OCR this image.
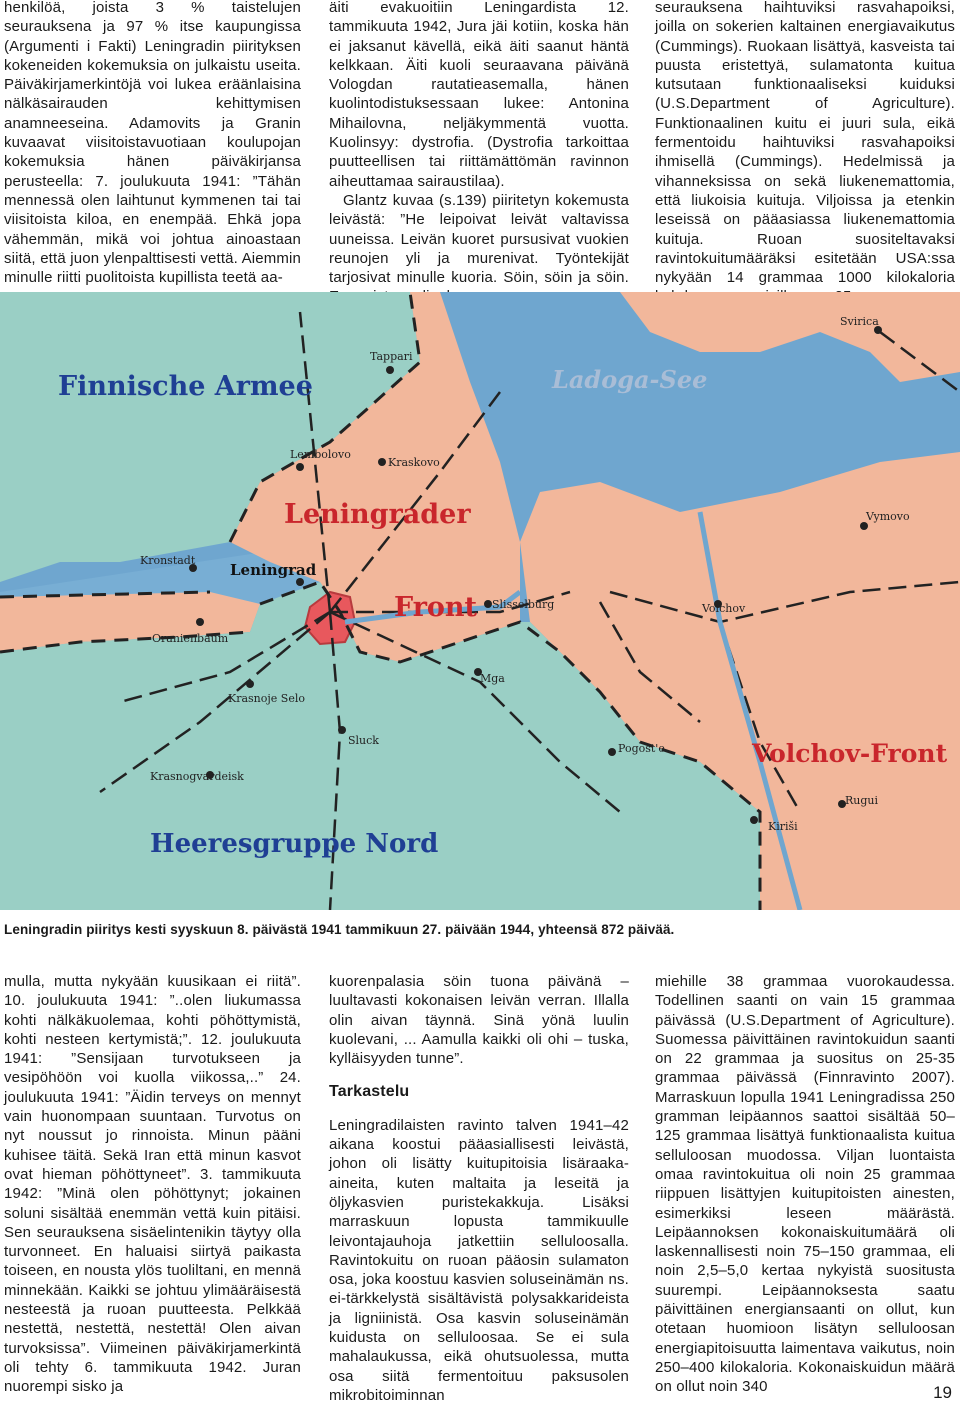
henkilöä, joista 3 % taistelujen seurauksena ja 97 % itse kaupungissa (Argumenti i Fakti) Leningradin piirityksen kokeneiden kokemuksia on julkaistu useita. Päiväkirjamerkintöjä voi lukea eräänlaisina nälkäsairauden kehittymisen anamneeseina. Adamovits ja Granin kuvaavat viisitoistavuotiaan koulupojan kokemuksia hänen päiväkirjansa perusteella: 7. joulukuuta 1941: ”Tähän mennessä olen laihtunut kymmenen tai tai viisitoista kiloa, en enempää. Ehkä jopa vähemmän, mikä voi johtua ainoastaan siitä, että juon ylenpalttisesti vettä. Aiemmin minulle riitti puolitoista kupillista teetä aa-

äiti evakuoitiin Leningardista 12. tammikuuta 1942, Jura jäi kotiin, koska hän ei jaksanut kävellä, eikä äiti saanut häntä kelkkaan. Äiti kuoli seuraavana päivänä Vologdan rautatieasemalla, hänen kuolintodistuksessaan lukee: Antonina Mihailovna, neljäkymmentä vuotta. Kuolinsyy: dystrofia. (Dystrofia tarkoittaa puutteellisen tai riittämättömän ravinnon aiheuttamaa sairaustilaa).

Glantz kuvaa (s.139) piiritetyn kokemusta leivästä: ”He leipoivat leivät valtavissa uuneissa. Leivän kuoret pursusivat vuokien reunojen yli ja murenivat. Työntekijät tarjosivat minulle kuoria. Söin, söin ja söin.

seurauksena haihtuviksi rasvahapoiksi, joilla on sokerien kaltainen energiavaikutus (Cummings). Ruokaan lisättyä, kasveista tai puusta eristettyä, sulamatonta kuitua kutsutaan funktionaaliseksi kuiduksi (U.S.Department of Agriculture). Funktionaalinen kuitu ei juuri sula, eikä fermentoidu haihtuviksi rasvahapoiksi ihmisellä (Cummings). Hedelmissä ja vihanneksissa on sekä liukenemattomia, että liukoisia kuituja. Viljoissa ja etenkin leseissä on pääasiassa liukenemattomia kuituja. Ruoan suositeltavaksi ravintokuitumääräksi esitetään USA:ssa nykyään 14 grammaa 1000 kilokaloria

Finnische Armee	Ladoga-See
Leningrader
Front
Volchov-Front
Heeresgruppe Nord
Leningrad
Tappari
Svirica
Lembolovo
Kraskovo
Kronstadt
Oranienbaum
Slisselburg
Vymovo
Volchov
Krasnoje Selo
Mga
Sluck
Pogost'e
Krasnogvardeisk
Rugui
Kiriši
Leningradin piiritys kesti syyskuun 8. päivästä 1941 tammikuun 27. päivään 1944, yhteensä 872 päivää.

mulla, mutta nykyään kuusikaan ei riitä”. 10. joulukuuta 1941: ”..olen liukumassa kohti nälkäkuolemaa, kohti pöhöttymistä, kohti nesteen kertymistä;”. 12. joulukuuta 1941: ”Sensijaan turvotukseen ja vesipöhöön voi kuolla viikossa,..” 24. joulukuuta 1941: ”Äidin terveys on mennyt vain huonompaan suuntaan. Turvotus on nyt noussut jo rinnoista. Minun pääni kuhisee täitä. Sekä Iran että minun kasvot ovat hieman pöhöttyneet”. 3. tammikuuta 1942: ”Minä olen pöhöttynyt; jokainen soluni sisältää enemmän vettä kuin pitäisi. Sen seurauksena sisäelintenikin täytyy olla turvonneet. En haluaisi siirtyä paikasta toiseen, en nousta ylös tuoliltani, en mennä minnekään. Kaikki se johtuu ylimääräisestä nesteestä ja ruoan puutteesta. Pelkkää nestettä, nestettä, nestettä! Olen aivan turvoksissa”. Viimeinen päiväkirjamerkintä oli tehty 6. tammikuuta 1942. Juran nuorempi sisko ja

kuorenpalasia söin tuona päivänä – luultavasti kokonaisen leivän verran. Illalla olin aivan täynnä. Sinä yönä luulin kuolevani, ... Aamulla kaikki oli ohi – tuska, kylläisyyden tunne”.

Tarkastelu

Leningradilaisten ravinto talven 1941–42 aikana koostui pääasiallisesti leivästä, johon oli lisätty kuitupitoisia lisäraaka-aineita, kuten maltaita ja leseitä ja öljykasvien puristekakkuja. Lisäksi marraskuun lopusta tammikuulle leivontajauhoja jatkettiin selluloosalla. Ravintokuitu on ruoan pääosin sulamaton osa, joka koostuu kasvien soluseinämän ns. ei-tärkkelystä sisältävistä polysakkarideista ja ligniinistä. Osa kasvin soluseinämän kuidusta on selluloosaa. Se ei sula mahalaukussa, eikä ohutsuolessa, mutta osa siitä fermentoituu paksusolen mikrobitoiminnan

miehille 38 grammaa vuorokaudessa. Todellinen saanti on vain 15 grammaa päivässä (U.S.Department of Agriculture). Suomessa päivittäinen ravintokuidun saanti on 22 grammaa ja suositus on 25-35 grammaa päivässä (Finnravinto 2007). Marraskuun lopulla 1941 Leningradissa 250 gramman leipäannos saattoi sisältää 50–125 grammaa lisättyä funktionaalista kuitua selluloosan muodossa. Viljan luontaista omaa ravintokuitua oli noin 25 grammaa riippuen lisättyjen kuitupitoisten ainesten, esimerkiksi leseen määrästä. Leipäannoksen kokonaiskuitumäärä oli laskennallisesti noin 75–150 grammaa, eli noin 2,5–5,0 kertaa nykyistä suositusta suurempi. Leipäannoksesta saatu päivittäinen energiansaanti on ollut, kun otetaan huomioon lisätyn selluloosan energiapitoisuutta laimentava vaikutus, noin 250–400 kilokaloria. Kokonaiskuidun määrä on ollut noin 340	19
